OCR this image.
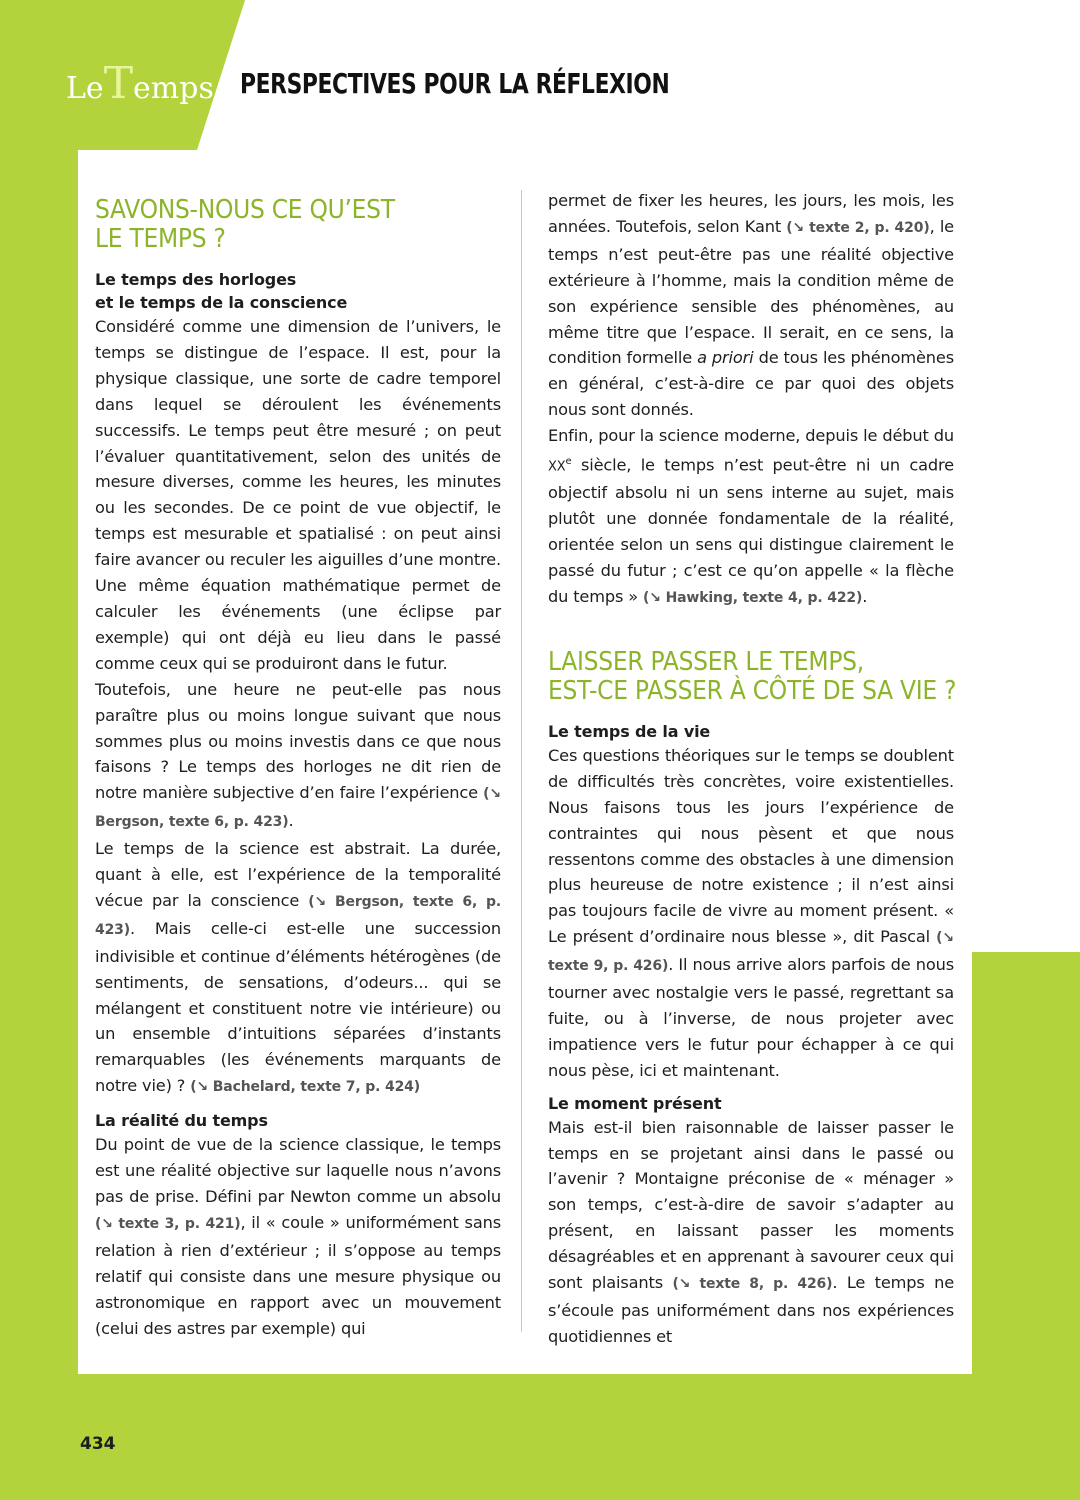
LeTemps PERSPECTIVES POUR LA RÉFLEXION
SAVONS-NOUS CE QU’EST
LE TEMPS ?
Le temps des horloges
et le temps de la conscience

Considéré comme une dimension de l’univers, le temps se distingue de l’espace. Il est, pour la physique classique, une sorte de cadre temporel dans lequel se déroulent les événements successifs. Le temps peut être mesuré ; on peut l’évaluer quantitativement, selon des unités de mesure diverses, comme les heures, les minutes ou les secondes. De ce point de vue objectif, le temps est mesurable et spatialisé : on peut ainsi faire avancer ou reculer les aiguilles d’une montre. Une même équation mathématique permet de calculer les événements (une éclipse par exemple) qui ont déjà eu lieu dans le passé comme ceux qui se produiront dans le futur.

Toutefois, une heure ne peut-elle pas nous paraître plus ou moins longue suivant que nous sommes plus ou moins investis dans ce que nous faisons ? Le temps des horloges ne dit rien de notre manière subjective d’en faire l’expérience (↘ Bergson, texte 6, p. 423).

Le temps de la science est abstrait. La durée, quant à elle, est l’expérience de la temporalité vécue par la conscience (↘ Bergson, texte 6, p. 423). Mais celle-ci est-elle une succession indivisible et continue d’éléments hétérogènes (de sentiments, de sensations, d’odeurs... qui se mélangent et constituent notre vie intérieure) ou un ensemble d’intuitions séparées d’instants remarquables (les événements marquants de notre vie) ? (↘ Bachelard, texte 7, p. 424)

La réalité du temps

Du point de vue de la science classique, le temps est une réalité objective sur laquelle nous n’avons pas de prise. Défini par Newton comme un absolu (↘ texte 3, p. 421), il « coule » uniformément sans relation à rien d’extérieur ; il s’oppose au temps relatif qui consiste dans une mesure physique ou astronomique en rapport avec un mouvement (celui des astres par exemple) qui

permet de fixer les heures, les jours, les mois, les années. Toutefois, selon Kant (↘ texte 2, p. 420), le temps n’est peut-être pas une réalité objective extérieure à l’homme, mais la condition même de son expérience sensible des phénomènes, au même titre que l’espace. Il serait, en ce sens, la condition formelle a priori de tous les phénomènes en général, c’est-à-dire ce par quoi des objets nous sont donnés.

Enfin, pour la science moderne, depuis le début du XXe siècle, le temps n’est peut-être ni un cadre objectif absolu ni un sens interne au sujet, mais plutôt une donnée fondamentale de la réalité, orientée selon un sens qui distingue clairement le passé du futur ; c’est ce qu’on appelle « la flèche du temps » (↘ Hawking, texte 4, p. 422).

LAISSER PASSER LE TEMPS,
EST-CE PASSER À CÔTÉ DE SA VIE ?
Le temps de la vie

Ces questions théoriques sur le temps se doublent de difficultés très concrètes, voire existentielles. Nous faisons tous les jours l’expérience de contraintes qui nous pèsent et que nous ressentons comme des obstacles à une dimension plus heureuse de notre existence ; il n’est ainsi pas toujours facile de vivre au moment présent. « Le présent d’ordinaire nous blesse », dit Pascal (↘ texte 9, p. 426). Il nous arrive alors parfois de nous tourner avec nostalgie vers le passé, regrettant sa fuite, ou à l’inverse, de nous projeter avec impatience vers le futur pour échapper à ce qui nous pèse, ici et maintenant.

Le moment présent

Mais est-il bien raisonnable de laisser passer le temps en se projetant ainsi dans le passé ou l’avenir ? Montaigne préconise de « ménager » son temps, c’est-à-dire de savoir s’adapter au présent, en laissant passer les moments désagréables et en apprenant à savourer ceux qui sont plaisants (↘ texte 8, p. 426). Le temps ne s’écoule pas uniformément dans nos expériences quotidiennes et

434
